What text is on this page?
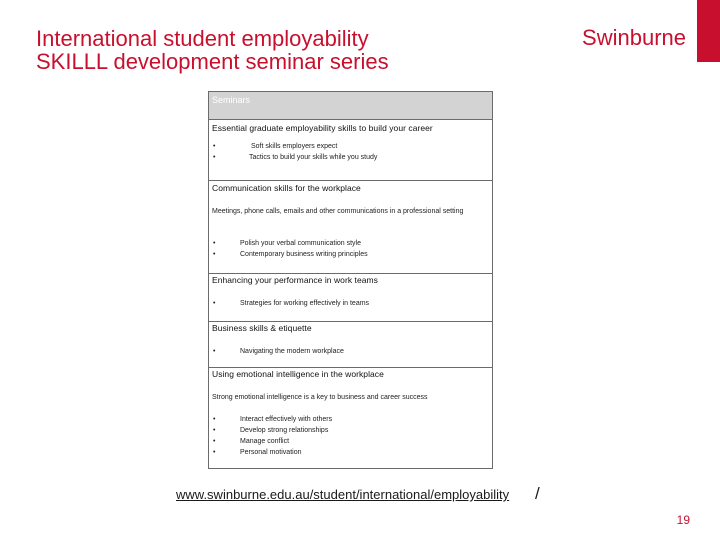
International student employability
SKILLL development seminar series
Swinburne
Seminars
Essential graduate employability skills to build your career
•	Soft skills employers expect
•	Tactics to build your skills while you study
Communication skills for the workplace
Meetings, phone calls, emails and other communications in a professional setting
•	Polish your verbal communication style
•	Contemporary business writing principles
Enhancing your performance in work teams
•	Strategies for working effectively in teams
Business skills & etiquette
•	Navigating the modern workplace
Using emotional intelligence in the workplace
Strong emotional intelligence is a key to business and career success
•	Interact effectively with others
•	Develop strong relationships
•	Manage conflict
•	Personal motivation
www.swinburne.edu.au/student/international/employability /
19
